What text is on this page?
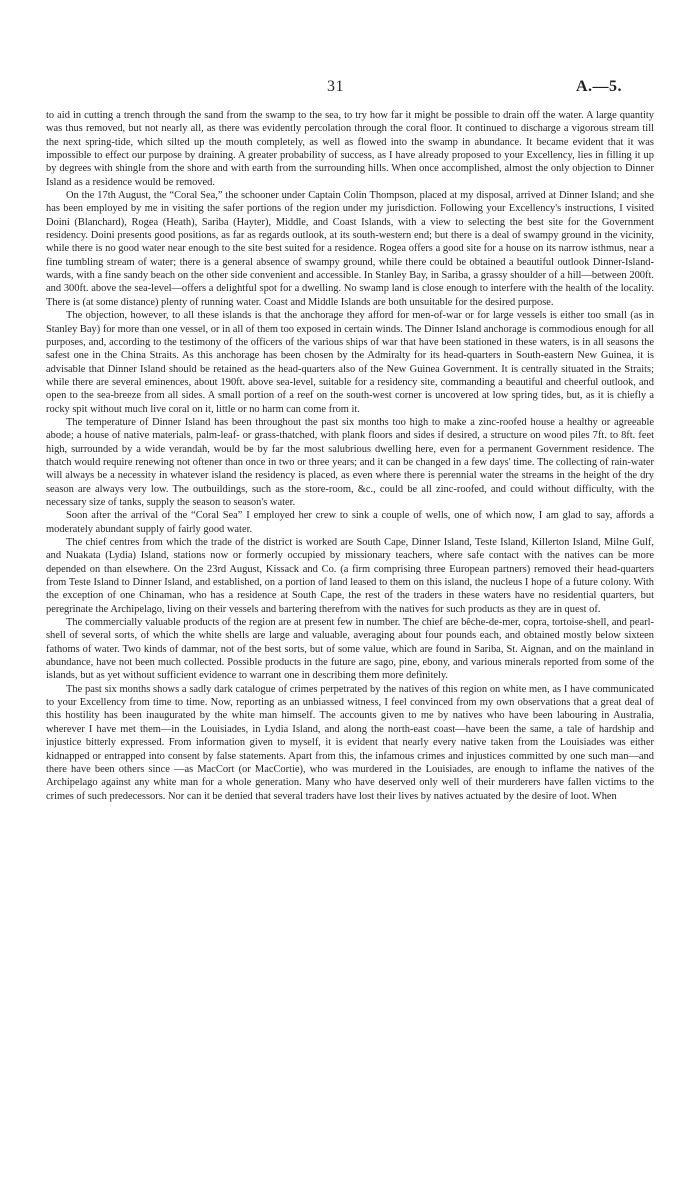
31	A.—5.

to aid in cutting a trench through the sand from the swamp to the sea, to try how far it might be possible to drain off the water. A large quantity was thus removed, but not nearly all, as there was evidently percolation through the coral floor. It continued to discharge a vigorous stream till the next spring-tide, which silted up the mouth completely, as well as flowed into the swamp in abundance. It became evident that it was impossible to effect our purpose by draining. A greater probability of success, as I have already proposed to your Excellency, lies in filling it up by degrees with shingle from the shore and with earth from the surrounding hills. When once accomplished, almost the only objection to Dinner Island as a residence would be removed.

On the 17th August, the “Coral Sea,” the schooner under Captain Colin Thompson, placed at my disposal, arrived at Dinner Island; and she has been employed by me in visiting the safer portions of the region under my jurisdiction. Following your Excellency's instructions, I visited Doini (Blanchard), Rogea (Heath), Sariba (Hayter), Middle, and Coast Islands, with a view to selecting the best site for the Government residency. Doini presents good positions, as far as regards outlook, at its south-western end; but there is a deal of swampy ground in the vicinity, while there is no good water near enough to the site best suited for a residence. Rogea offers a good site for a house on its narrow isthmus, near a fine tumbling stream of water; there is a general absence of swampy ground, while there could be obtained a beautiful outlook Dinner-Island-wards, with a fine sandy beach on the other side convenient and accessible. In Stanley Bay, in Sariba, a grassy shoulder of a hill—between 200ft. and 300ft. above the sea-level—offers a delightful spot for a dwelling. No swamp land is close enough to interfere with the health of the locality. There is (at some distance) plenty of running water. Coast and Middle Islands are both unsuitable for the desired purpose.

The objection, however, to all these islands is that the anchorage they afford for men-of-war or for large vessels is either too small (as in Stanley Bay) for more than one vessel, or in all of them too exposed in certain winds. The Dinner Island anchorage is commodious enough for all purposes, and, according to the testimony of the officers of the various ships of war that have been stationed in these waters, is in all seasons the safest one in the China Straits. As this anchorage has been chosen by the Admiralty for its head-quarters in South-eastern New Guinea, it is advisable that Dinner Island should be retained as the head-quarters also of the New Guinea Government. It is centrally situated in the Straits; while there are several eminences, about 190ft. above sea-level, suitable for a residency site, commanding a beautiful and cheerful outlook, and open to the sea-breeze from all sides. A small portion of a reef on the south-west corner is uncovered at low spring tides, but, as it is chiefly a rocky spit without much live coral on it, little or no harm can come from it.

The temperature of Dinner Island has been throughout the past six months too high to make a zinc-roofed house a healthy or agreeable abode; a house of native materials, palm-leaf- or grass-thatched, with plank floors and sides if desired, a structure on wood piles 7ft. to 8ft. feet high, surrounded by a wide verandah, would be by far the most salubrious dwelling here, even for a permanent Government residence. The thatch would require renewing not oftener than once in two or three years; and it can be changed in a few days' time. The collecting of rain-water will always be a necessity in whatever island the residency is placed, as even where there is perennial water the streams in the height of the dry season are always very low. The outbuildings, such as the store-room, &c., could be all zinc-roofed, and could without difficulty, with the necessary size of tanks, supply the season to season's water.

Soon after the arrival of the “Coral Sea” I employed her crew to sink a couple of wells, one of which now, I am glad to say, affords a moderately abundant supply of fairly good water.

The chief centres from which the trade of the district is worked are South Cape, Dinner Island, Teste Island, Killerton Island, Milne Gulf, and Nuakata (Lydia) Island, stations now or formerly occupied by missionary teachers, where safe contact with the natives can be more depended on than elsewhere. On the 23rd August, Kissack and Co. (a firm comprising three European partners) removed their head-quarters from Teste Island to Dinner Island, and established, on a portion of land leased to them on this island, the nucleus I hope of a future colony. With the exception of one Chinaman, who has a residence at South Cape, the rest of the traders in these waters have no residential quarters, but peregrinate the Archipelago, living on their vessels and bartering therefrom with the natives for such products as they are in quest of.

The commercially valuable products of the region are at present few in number. The chief are bêche-de-mer, copra, tortoise-shell, and pearl-shell of several sorts, of which the white shells are large and valuable, averaging about four pounds each, and obtained mostly below sixteen fathoms of water. Two kinds of dammar, not of the best sorts, but of some value, which are found in Sariba, St. Aignan, and on the mainland in abundance, have not been much collected. Possible products in the future are sago, pine, ebony, and various minerals reported from some of the islands, but as yet without sufficient evidence to warrant one in describing them more definitely.

The past six months shows a sadly dark catalogue of crimes perpetrated by the natives of this region on white men, as I have communicated to your Excellency from time to time. Now, reporting as an unbiassed witness, I feel convinced from my own observations that a great deal of this hostility has been inaugurated by the white man himself. The accounts given to me by natives who have been labouring in Australia, wherever I have met them—in the Louisiades, in Lydia Island, and along the north-east coast—have been the same, a tale of hardship and injustice bitterly expressed. From information given to myself, it is evident that nearly every native taken from the Louisiades was either kidnapped or entrapped into consent by false statements. Apart from this, the infamous crimes and injustices committed by one such man—and there have been others since —as MacCort (or MacCortie), who was murdered in the Louisiades, are enough to inflame the natives of the Archipelago against any white man for a whole generation. Many who have deserved only well of their murderers have fallen victims to the crimes of such predecessors. Nor can it be denied that several traders have lost their lives by natives actuated by the desire of loot. When
